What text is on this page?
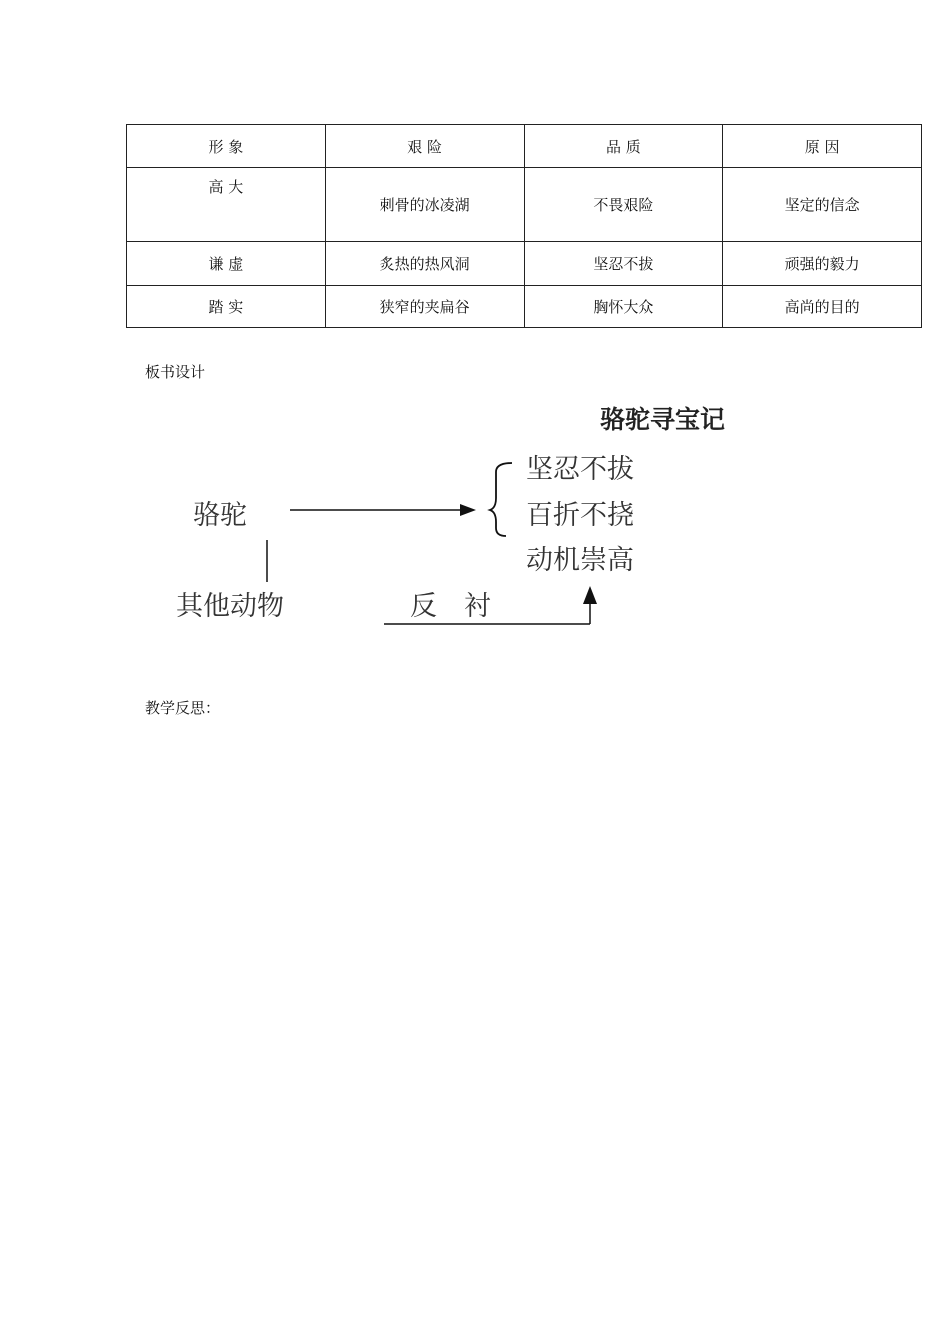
形 象	艰 险	品 质	原 因

高 大	刺骨的冰凌湖	不畏艰险	坚定的信念
谦 虚	炙热的热风洞	坚忍不拔	顽强的毅力
踏 实	狭窄的夹扁谷	胸怀大众	高尚的目的
板书设计
骆驼寻宝记
骆驼
坚忍不拔
百折不挠
动机崇高
其他动物	反　衬
教学反思：
